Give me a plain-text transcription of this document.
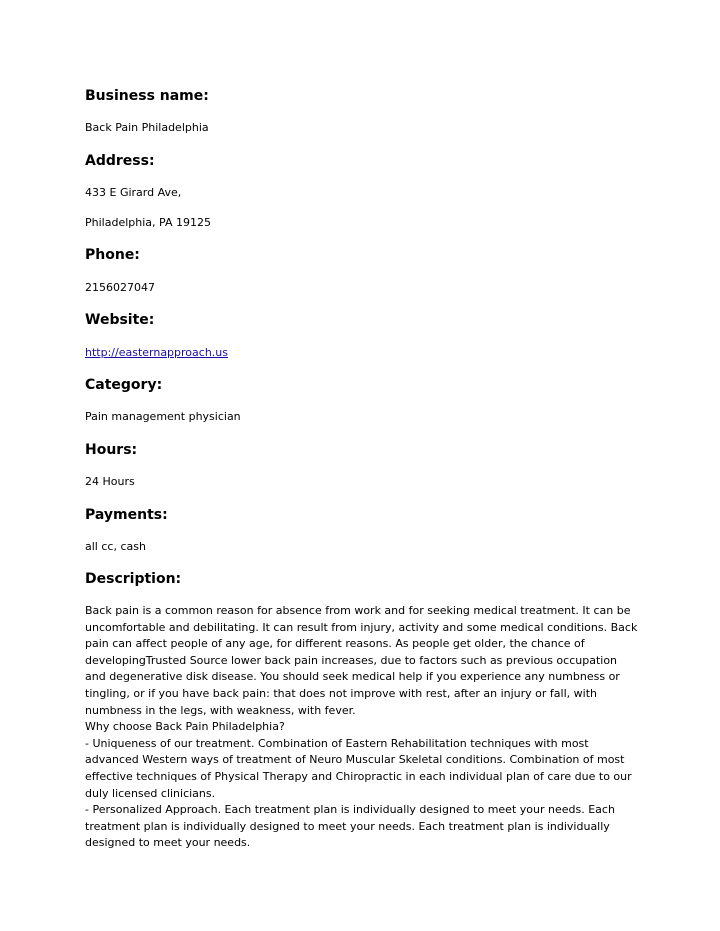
Business name:

Back Pain Philadelphia

Address:

433 E Girard Ave,

Philadelphia, PA 19125

Phone:

2156027047

Website:

http://easternapproach.us

Category:

Pain management physician

Hours:

24 Hours

Payments:

all cc, cash

Description:
Back pain is a common reason for absence from work and for seeking medical treatment. It can be uncomfortable and debilitating. It can result from injury, activity and some medical conditions. Back pain can affect people of any age, for different reasons. As people get older, the chance of developingTrusted Source lower back pain increases, due to factors such as previous occupation and degenerative disk disease. You should seek medical help if you experience any numbness or tingling, or if you have back pain: that does not improve with rest, after an injury or fall, with numbness in the legs, with weakness, with fever.
Why choose Back Pain Philadelphia?
- Uniqueness of our treatment. Combination of Eastern Rehabilitation techniques with most advanced Western ways of treatment of Neuro Muscular Skeletal conditions. Combination of most effective techniques of Physical Therapy and Chiropractic in each individual plan of care due to our duly licensed clinicians.
- Personalized Approach. Each treatment plan is individually designed to meet your needs. Each treatment plan is individually designed to meet your needs. Each treatment plan is individually designed to meet your needs.
